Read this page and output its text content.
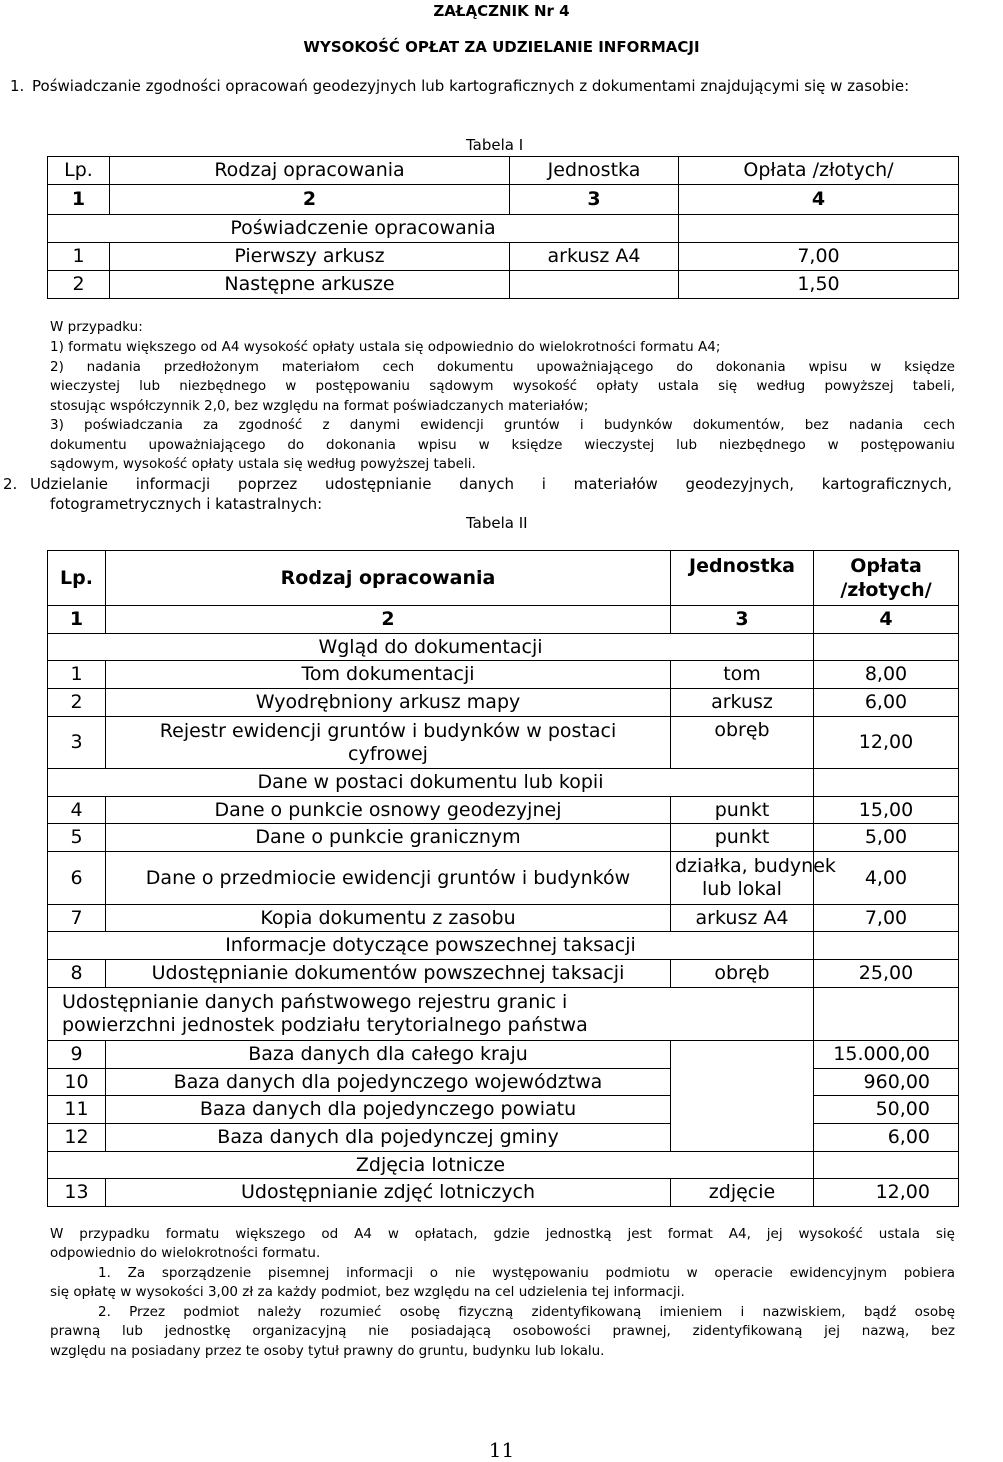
ZAŁĄCZNIK Nr 4
WYSOKOŚĆ OPŁAT ZA UDZIELANIE INFORMACJI
1. Poświadczanie zgodności opracowań geodezyjnych lub kartograficznych z dokumentami znajdującymi się w zasobie:
Tabela I
Lp.	Rodzaj opracowania	Jednostka	Opłata /złotych/
1	2	3	4
Poświadczenie opracowania			
1	Pierwszy arkusz	arkusz A4	7,00
2	Następne arkusze		1,50
W przypadku:
1) formatu większego od A4 wysokość opłaty ustala się odpowiednio do wielokrotności formatu A4;
2) nadania przedłożonym materiałom cech dokumentu upoważniającego do dokonania wpisu w księdze
wieczystej lub niezbędnego w postępowaniu sądowym wysokość opłaty ustala się według powyższej tabeli,
stosując współczynnik 2,0, bez względu na format poświadczanych materiałów;
3) poświadczania za zgodność z danymi ewidencji gruntów i budynków dokumentów, bez nadania cech
dokumentu upoważniającego do dokonania wpisu w księdze wieczystej lub niezbędnego w postępowaniu
sądowym, wysokość opłaty ustala się według powyższej tabeli.
2. Udzielanie informacji poprzez udostępnianie danych i materiałów geodezyjnych, kartograficznych,
fotogrametrycznych i katastralnych:
Tabela II
Lp.	Rodzaj opracowania	Jednostka	Opłata
/złotych/
1	2	3	4
Wgląd do dokumentacji			
1	Tom dokumentacji	tom	8,00
2	Wyodrębniony arkusz mapy	arkusz	6,00
3	Rejestr ewidencji gruntów i budynków w postaci
cyfrowej	obręb	12,00
Dane w postaci dokumentu lub kopii			
4	Dane o punkcie osnowy geodezyjnej	punkt	15,00
5	Dane o punkcie granicznym	punkt	5,00
6	Dane o przedmiocie ewidencji gruntów i budynków	działka, budynek
lub lokal	4,00
7	Kopia dokumentu z zasobu	arkusz A4	7,00
Informacje dotyczące powszechnej taksacji			
8	Udostępnianie dokumentów powszechnej taksacji	obręb	25,00
Udostępnianie danych państwowego rejestru granic i
powierzchni jednostek podziału terytorialnego państwa			
9	Baza danych dla całego kraju		15.000,00
10	Baza danych dla pojedynczego województwa		960,00
11	Baza danych dla pojedynczego powiatu		50,00
12	Baza danych dla pojedynczej gminy		6,00
Zdjęcia lotnicze			
13	Udostępnianie zdjęć lotniczych	zdjęcie	12,00
W przypadku formatu większego od A4 w opłatach, gdzie jednostką jest format A4, jej wysokość ustala się
odpowiednio do wielokrotności formatu.
1. Za sporządzenie pisemnej informacji o nie występowaniu podmiotu w operacie ewidencyjnym pobiera
się opłatę w wysokości 3,00 zł za każdy podmiot, bez względu na cel udzielenia tej informacji.
2. Przez podmiot należy rozumieć osobę fizyczną zidentyfikowaną imieniem i nazwiskiem, bądź osobę
prawną lub jednostkę organizacyjną nie posiadającą osobowości prawnej, zidentyfikowaną jej nazwą, bez
względu na posiadany przez te osoby tytuł prawny do gruntu, budynku lub lokalu.
11
